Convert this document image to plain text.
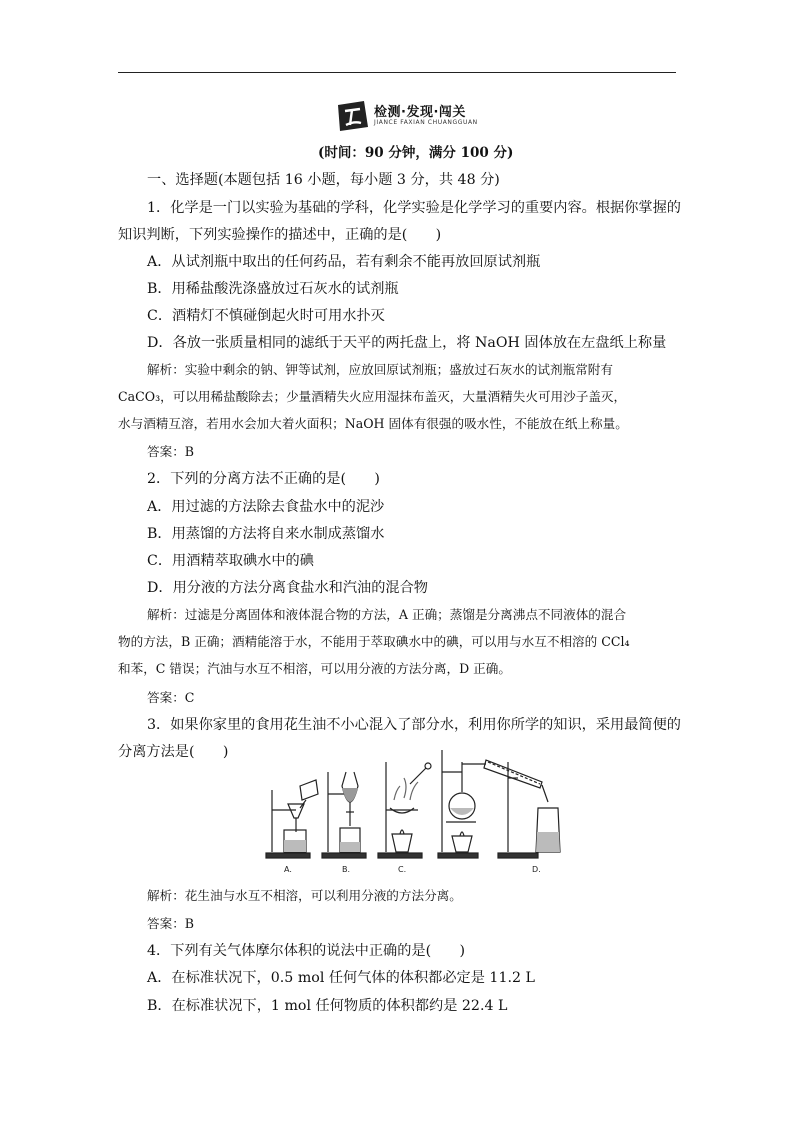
检测·发现·闯关
JIANCE FAXIAN CHUANGGUAN
(时间：90 分钟，满分 100 分)
一、选择题(本题包括 16 小题，每小题 3 分，共 48 分)
1．化学是一门以实验为基础的学科，化学实验是化学学习的重要内容。根据你掌握的
知识判断，下列实验操作的描述中，正确的是(　　)
A．从试剂瓶中取出的任何药品，若有剩余不能再放回原试剂瓶
B．用稀盐酸洗涤盛放过石灰水的试剂瓶
C．酒精灯不慎碰倒起火时可用水扑灭
D．各放一张质量相同的滤纸于天平的两托盘上，将 NaOH 固体放在左盘纸上称量
解析：实验中剩余的钠、钾等试剂，应放回原试剂瓶；盛放过石灰水的试剂瓶常附有
CaCO₃，可以用稀盐酸除去；少量酒精失火应用湿抹布盖灭，大量酒精失火可用沙子盖灭，
水与酒精互溶，若用水会加大着火面积；NaOH 固体有很强的吸水性，不能放在纸上称量。
答案：B
2．下列的分离方法不正确的是(　　)
A．用过滤的方法除去食盐水中的泥沙
B．用蒸馏的方法将自来水制成蒸馏水
C．用酒精萃取碘水中的碘
D．用分液的方法分离食盐水和汽油的混合物
解析：过滤是分离固体和液体混合物的方法，A 正确；蒸馏是分离沸点不同液体的混合
物的方法，B 正确；酒精能溶于水，不能用于萃取碘水中的碘，可以用与水互不相溶的 CCl₄
和苯，C 错误；汽油与水互不相溶，可以用分液的方法分离，D 正确。
答案：C
3．如果你家里的食用花生油不小心混入了部分水，利用你所学的知识，采用最简便的
分离方法是(　　)
A.	B.	C.	D.
解析：花生油与水互不相溶，可以利用分液的方法分离。
答案：B
4．下列有关气体摩尔体积的说法中正确的是(　　)
A．在标准状况下，0.5 mol 任何气体的体积都必定是 11.2 L
B．在标准状况下，1 mol 任何物质的体积都约是 22.4 L
